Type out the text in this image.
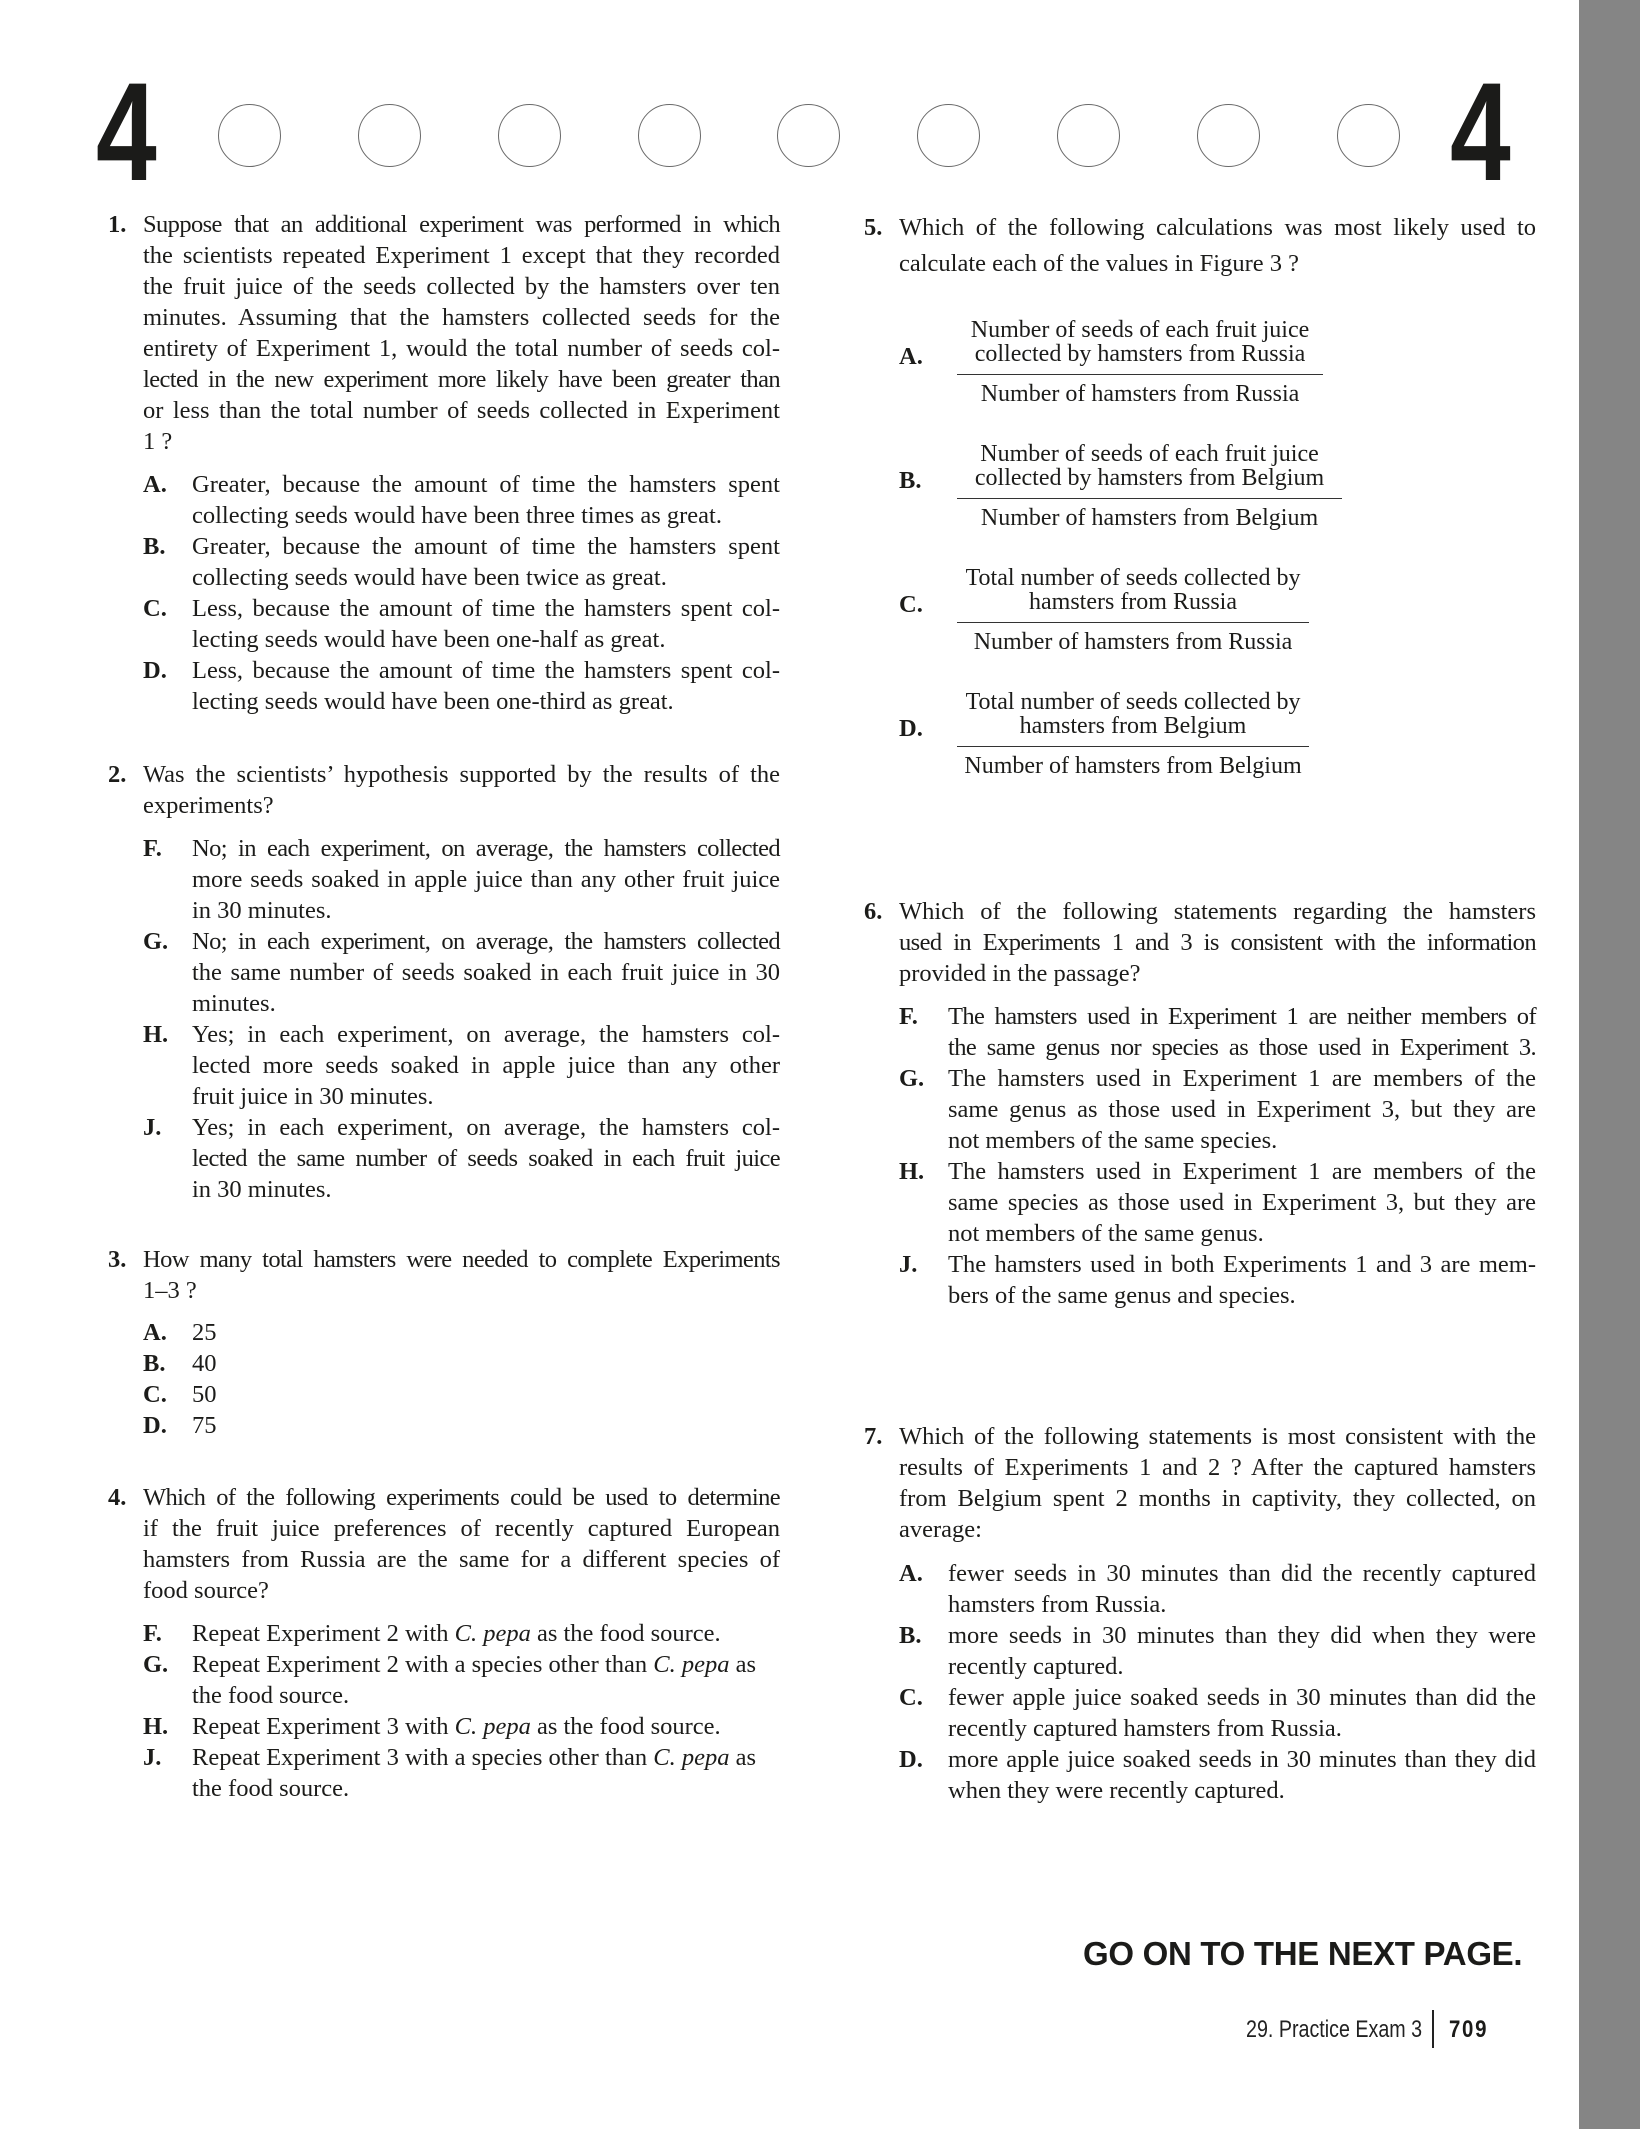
4	4
1. Suppose that an additional experiment was performed in which
the scientists repeated Experiment 1 except that they recorded
the fruit juice of the seeds collected by the hamsters over ten
minutes. Assuming that the hamsters collected seeds for the
entirety of Experiment 1, would the total number of seeds col-
lected in the new experiment more likely have been greater than
or less than the total number of seeds collected in Experiment
1 ?
A. Greater, because the amount of time the hamsters spent
collecting seeds would have been three times as great.
B. Greater, because the amount of time the hamsters spent
collecting seeds would have been twice as great.
C. Less, because the amount of time the hamsters spent col-
lecting seeds would have been one-half as great.
D. Less, because the amount of time the hamsters spent col-
lecting seeds would have been one-third as great.
2. Was the scientists’ hypothesis supported by the results of the
experiments?
F. No; in each experiment, on average, the hamsters collected
more seeds soaked in apple juice than any other fruit juice
in 30 minutes.
G. No; in each experiment, on average, the hamsters collected
the same number of seeds soaked in each fruit juice in 30
minutes.
H. Yes; in each experiment, on average, the hamsters col-
lected more seeds soaked in apple juice than any other
fruit juice in 30 minutes.
J. Yes; in each experiment, on average, the hamsters col-
lected the same number of seeds soaked in each fruit juice
in 30 minutes.
3. How many total hamsters were needed to complete Experiments
1–3 ?
A. 25
B. 40
C. 50
D. 75
4. Which of the following experiments could be used to determine
if the fruit juice preferences of recently captured European
hamsters from Russia are the same for a different species of
food source?
F. Repeat Experiment 2 with C. pepa as the food source.
G. Repeat Experiment 2 with a species other than C. pepa as
the food source.
H. Repeat Experiment 3 with C. pepa as the food source.
J. Repeat Experiment 3 with a species other than C. pepa as
the food source.
5. Which of the following calculations was most likely used to
calculate each of the values in Figure 3 ?
A.
Number of seeds of each fruit juice
collected by hamsters from Russia
Number of hamsters from Russia
B.
Number of seeds of each fruit juice
collected by hamsters from Belgium
Number of hamsters from Belgium
C.
Total number of seeds collected by
hamsters from Russia
Number of hamsters from Russia
D.
Total number of seeds collected by
hamsters from Belgium
Number of hamsters from Belgium
6. Which of the following statements regarding the hamsters
used in Experiments 1 and 3 is consistent with the information
provided in the passage?
F. The hamsters used in Experiment 1 are neither members of
the same genus nor species as those used in Experiment 3.
G. The hamsters used in Experiment 1 are members of the
same genus as those used in Experiment 3, but they are
not members of the same species.
H. The hamsters used in Experiment 1 are members of the
same species as those used in Experiment 3, but they are
not members of the same genus.
J. The hamsters used in both Experiments 1 and 3 are mem-
bers of the same genus and species.
7. Which of the following statements is most consistent with the
results of Experiments 1 and 2 ? After the captured hamsters
from Belgium spent 2 months in captivity, they collected, on
average:
A. fewer seeds in 30 minutes than did the recently captured
hamsters from Russia.
B. more seeds in 30 minutes than they did when they were
recently captured.
C. fewer apple juice soaked seeds in 30 minutes than did the
recently captured hamsters from Russia.
D. more apple juice soaked seeds in 30 minutes than they did
when they were recently captured.
GO ON TO THE NEXT PAGE.
29. Practice Exam 3 709
